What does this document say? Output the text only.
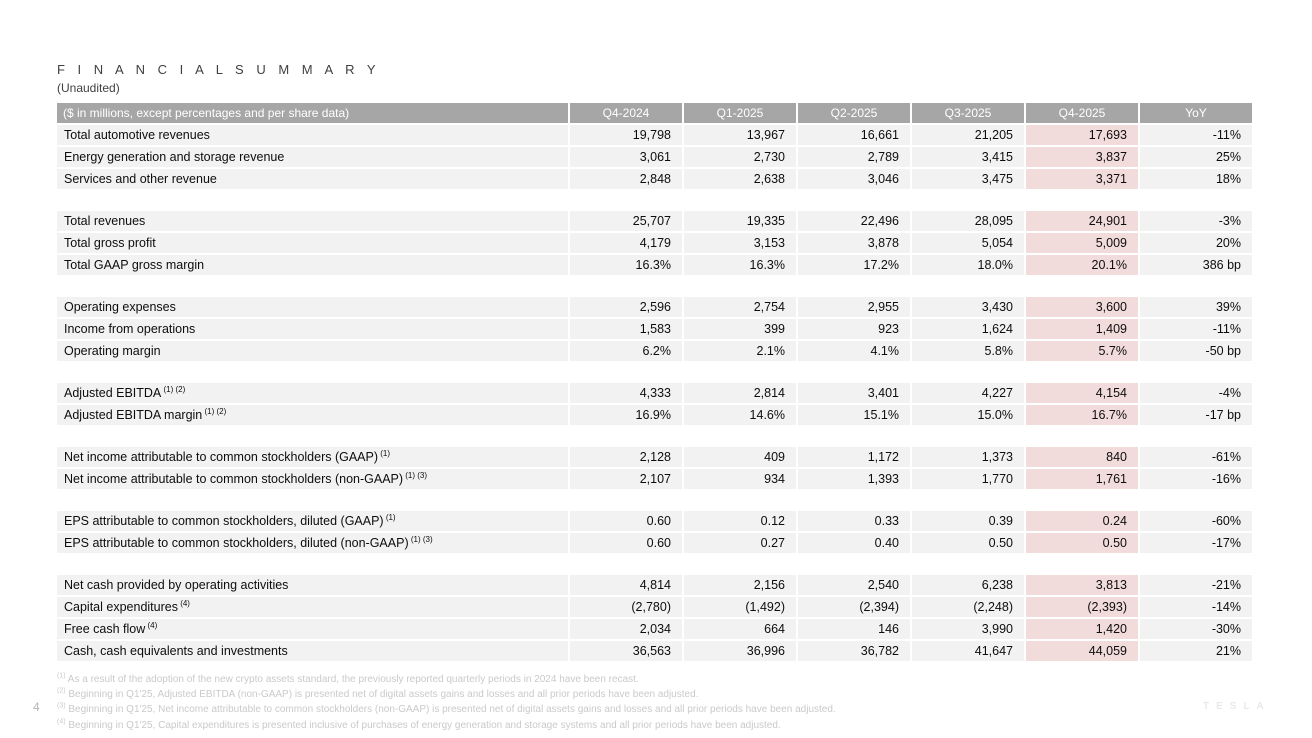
F I N A N C I A L S U M M A R Y
(Unaudited)
($ in millions, except percentages and per share data)	Q4-2024	Q1-2025	Q2-2025	Q3-2025	Q4-2025	YoY
Total automotive revenues	19,798	13,967	16,661	21,205	17,693	-11%
Energy generation and storage revenue	3,061	2,730	2,789	3,415	3,837	25%
Services and other revenue	2,848	2,638	3,046	3,475	3,371	18%

Total revenues	25,707	19,335	22,496	28,095	24,901	-3%
Total gross profit	4,179	3,153	3,878	5,054	5,009	20%
Total GAAP gross margin	16.3%	16.3%	17.2%	18.0%	20.1%	386 bp

Operating expenses	2,596	2,754	2,955	3,430	3,600	39%
Income from operations	1,583	399	923	1,624	1,409	-11%
Operating margin	6.2%	2.1%	4.1%	5.8%	5.7%	-50 bp

Adjusted EBITDA $^{(1) (2)}$	4,333	2,814	3,401	4,227	4,154	-4%
Adjusted EBITDA margin $^{(1) (2)}$	16.9%	14.6%	15.1%	15.0%	16.7%	-17 bp

Net income attributable to common stockholders (GAAP) $^{(1)}$	2,128	409	1,172	1,373	840	-61%
Net income attributable to common stockholders (non-GAAP) $^{(1) (3)}$	2,107	934	1,393	1,770	1,761	-16%

EPS attributable to common stockholders, diluted (GAAP) $^{(1)}$	0.60	0.12	0.33	0.39	0.24	-60%
EPS attributable to common stockholders, diluted (non-GAAP) $^{(1) (3)}$	0.60	0.27	0.40	0.50	0.50	-17%

Net cash provided by operating activities	4,814	2,156	2,540	6,238	3,813	-21%
Capital expenditures $^{(4)}$	(2,780)	(1,492)	(2,394)	(2,248)	(2,393)	-14%
Free cash flow $^{(4)}$	2,034	664	146	3,990	1,420	-30%
Cash, cash equivalents and investments	36,563	36,996	36,782	41,647	44,059	21%
$^{(1)}$ As a result of the adoption of the new crypto assets standard, the previously reported quarterly periods in 2024 have been recast.
$^{(2)}$ Beginning in Q1'25, Adjusted EBITDA (non-GAAP) is presented net of digital assets gains and losses and all prior periods have been adjusted.
$^{(3)}$ Beginning in Q1'25, Net income attributable to common stockholders (non-GAAP) is presented net of digital assets gains and losses and all prior periods have been adjusted.
$^{(4)}$ Beginning in Q1'25, Capital expenditures is presented inclusive of purchases of energy generation and storage systems and all prior periods have been adjusted.
4	TESLA
